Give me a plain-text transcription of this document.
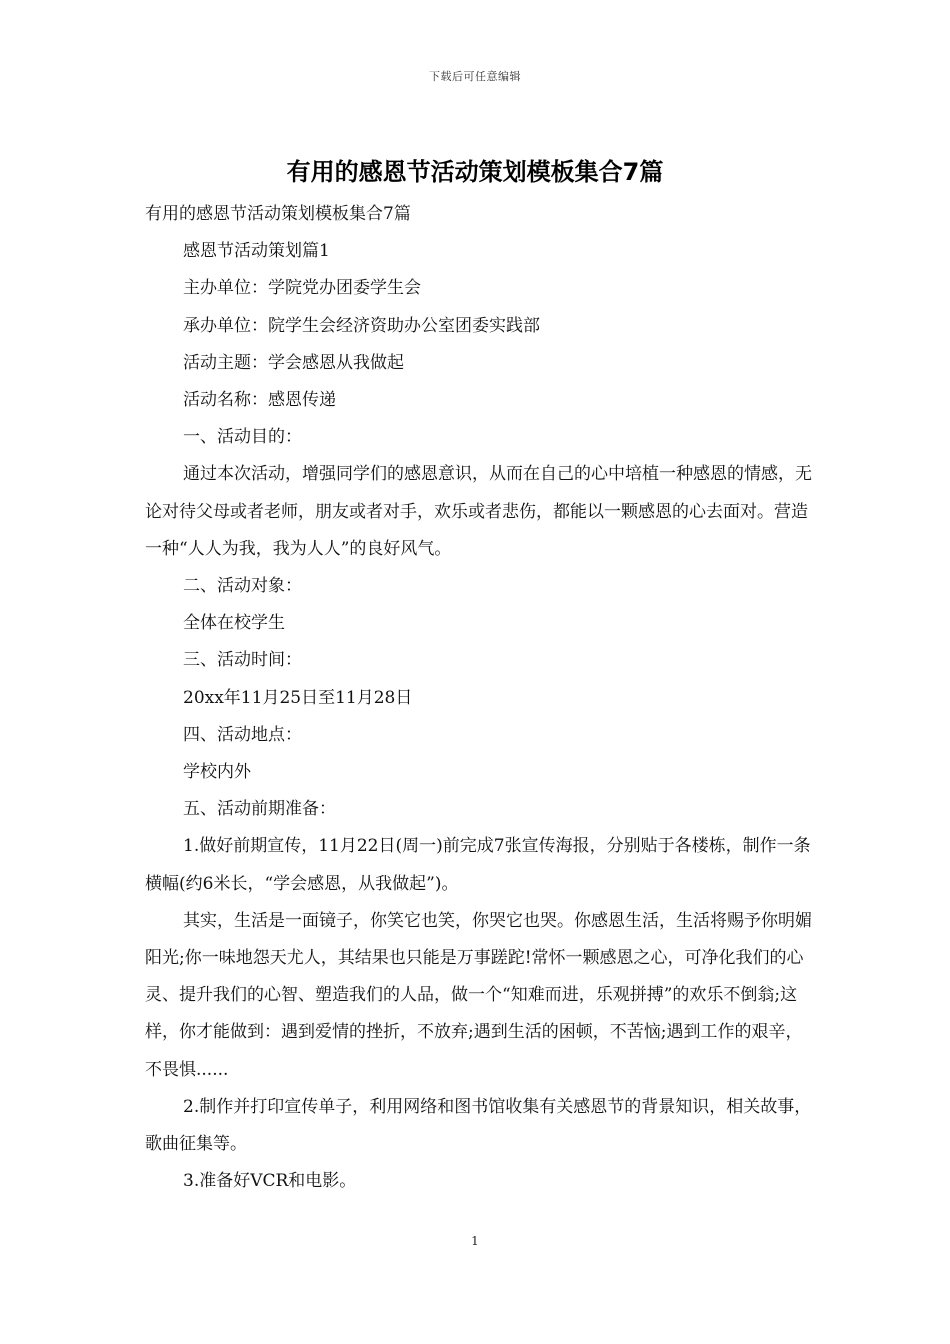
下载后可任意编辑
有用的感恩节活动策划模板集合7篇

有用的感恩节活动策划模板集合7篇

感恩节活动策划篇1

主办单位：学院党办团委学生会

承办单位：院学生会经济资助办公室团委实践部

活动主题：学会感恩从我做起

活动名称：感恩传递

一、活动目的：

通过本次活动，增强同学们的感恩意识，从而在自己的心中培植一种感恩的情感，无论对待父母或者老师，朋友或者对手，欢乐或者悲伤，都能以一颗感恩的心去面对。营造一种“人人为我，我为人人”的良好风气。

二、活动对象：

全体在校学生

三、活动时间：

20xx年11月25日至11月28日

四、活动地点：

学校内外

五、活动前期准备：

1.做好前期宣传，11月22日(周一)前完成7张宣传海报，分别贴于各楼栋，制作一条横幅(约6米长，“学会感恩，从我做起”)。

其实，生活是一面镜子，你笑它也笑，你哭它也哭。你感恩生活，生活将赐予你明媚阳光;你一味地怨天尤人，其结果也只能是万事蹉跎!常怀一颗感恩之心，可净化我们的心灵、提升我们的心智、塑造我们的人品，做一个“知难而进，乐观拼搏”的欢乐不倒翁;这样，你才能做到：遇到爱情的挫折，不放弃;遇到生活的困顿，不苦恼;遇到工作的艰辛，不畏惧......

2.制作并打印宣传单子，利用网络和图书馆收集有关感恩节的背景知识，相关故事，歌曲征集等。

3.准备好VCR和电影。

1
